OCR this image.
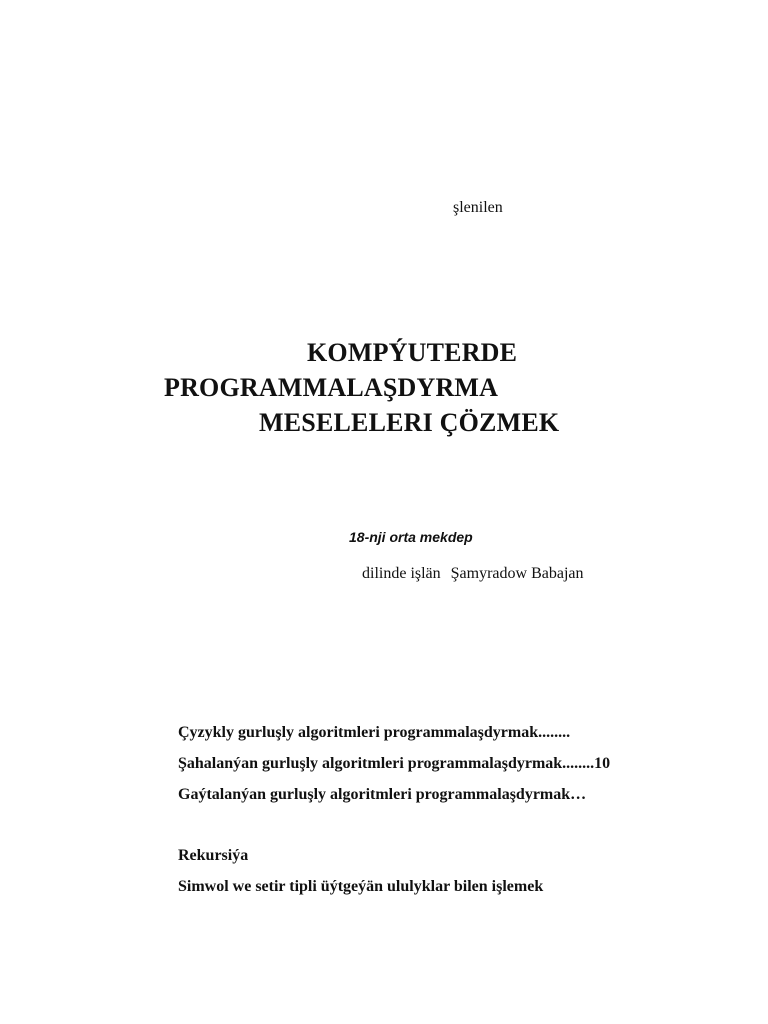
şlenilen

KOMPÝUTERDE
PROGRAMMALAŞDYRMA
MESELELERI ÇÖZMEK

18-nji orta mekdep

dilinde işlän Şamyradow Babajan

Çyzykly gurluşly algoritmleri programmalaşdyrmak........
Şahalanýan gurluşly algoritmleri programmalaşdyrmak........10
Gaýtalanýan gurluşly algoritmleri programmalaşdyrmak…
Rekursiýa
Simwol we setir tipli üýtgeýän ululyklar bilen işlemek
